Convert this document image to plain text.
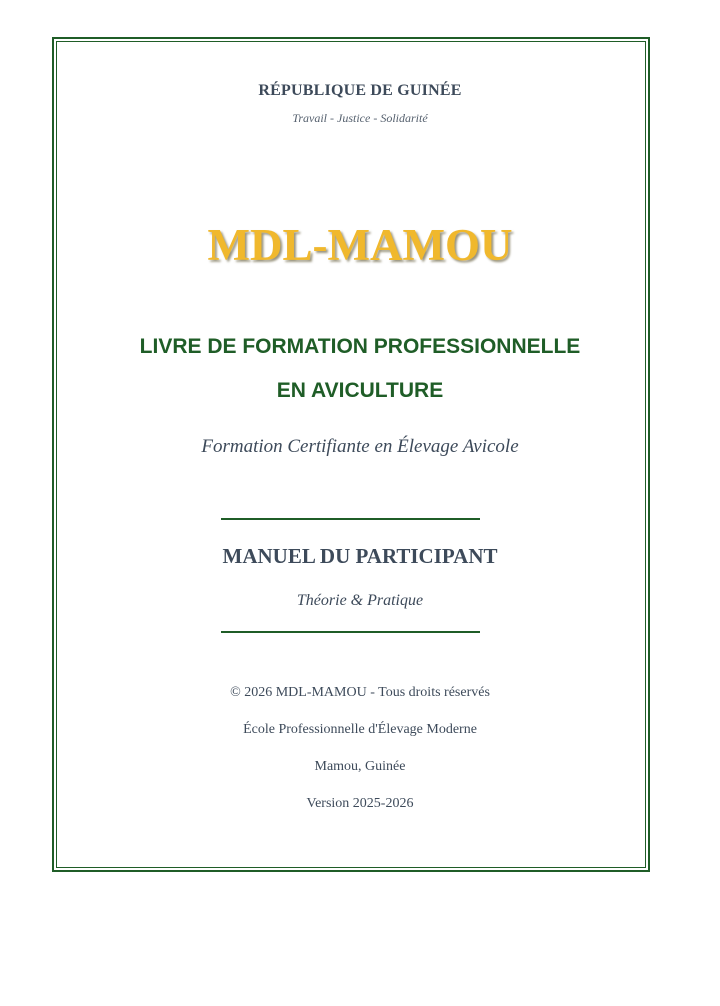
RÉPUBLIQUE DE GUINÉE
Travail - Justice - Solidarité
MDL-MAMOU
LIVRE DE FORMATION PROFESSIONNELLE
EN AVICULTURE
Formation Certifiante en Élevage Avicole
MANUEL DU PARTICIPANT
Théorie & Pratique
© 2026 MDL-MAMOU - Tous droits réservés
École Professionnelle d'Élevage Moderne
Mamou, Guinée
Version 2025-2026
